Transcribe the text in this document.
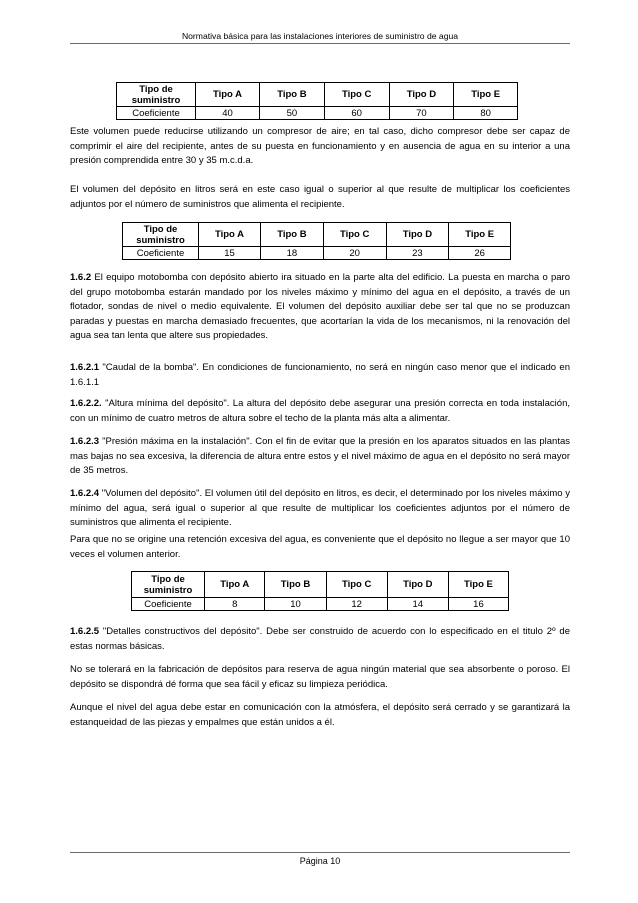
Normativa básica para las instalaciones interiores de suministro de agua
Tipo de suministro	Tipo A	Tipo B	Tipo C	Tipo D	Tipo E
Coeficiente	40	50	60	70	80

Este volumen puede reducirse utilizando un compresor de aire; en tal caso, dicho compresor debe ser capaz de comprimir el aire del recipiente, antes de su puesta en funcionamiento y en ausencia de agua en su interior a una presión comprendida entre 30 y 35 m.c.d.a.

El volumen del depósito en litros será en este caso igual o superior al que resulte de multiplicar los coeficientes adjuntos por el número de suministros que alimenta el recipiente.

Tipo de suministro	Tipo A	Tipo B	Tipo C	Tipo D	Tipo E
Coeficiente	15	18	20	23	26

1.6.2 El equipo motobomba con depósito abierto ira situado en la parte alta del edificio. La puesta en marcha o paro del grupo motobomba estarán mandado por los niveles máximo y mínimo del agua en el depósito, a través de un flotador, sondas de nivel o medio equivalente. El volumen del depósito auxiliar debe ser tal que no se produzcan paradas y puestas en marcha demasiado frecuentes, que acortarían la vida de los mecanismos, ni la renovación del agua sea tan lenta que altere sus propiedades.

1.6.2.1 "Caudal de la bomba". En condiciones de funcionamiento, no será en ningún caso menor que el indicado en 1.6.1.1

1.6.2.2. "Altura mínima del depósito". La altura del depósito debe asegurar una presión correcta en toda instalación, con un mínimo de cuatro metros de altura sobre el techo de la planta más alta a alimentar.

1.6.2.3 "Presión máxima en la instalación". Con el fin de evitar que la presión en los aparatos situados en las plantas mas bajas no sea excesiva, la diferencia de altura entre estos y el nivel máximo de agua en el depósito no será mayor de 35 metros.

1.6.2.4 "Volumen del depósito". El volumen útil del depósito en litros, es decir, el determinado por los niveles máximo y mínimo del agua, será igual o superior al que resulte de multiplicar los coeficientes adjuntos por el número de suministros que alimenta el recipiente.

Para que no se origine una retención excesiva del agua, es conveniente que el depósito no llegue a ser mayor que 10 veces el volumen anterior.

Tipo de suministro	Tipo A	Tipo B	Tipo C	Tipo D	Tipo E
Coeficiente	8	10	12	14	16

1.6.2.5 "Detalles constructivos del depósito". Debe ser construido de acuerdo con lo especificado en el titulo 2º de estas normas básicas.

No se tolerará en la fabricación de depósitos para reserva de agua ningún material que sea absorbente o poroso. El depósito se dispondrá dé forma que sea fácil y eficaz su limpieza periódica.

Aunque el nivel del agua debe estar en comunicación con la atmósfera, el depósito será cerrado y se garantizará la estanqueidad de las piezas y empalmes que están unidos a él.

Página 10
